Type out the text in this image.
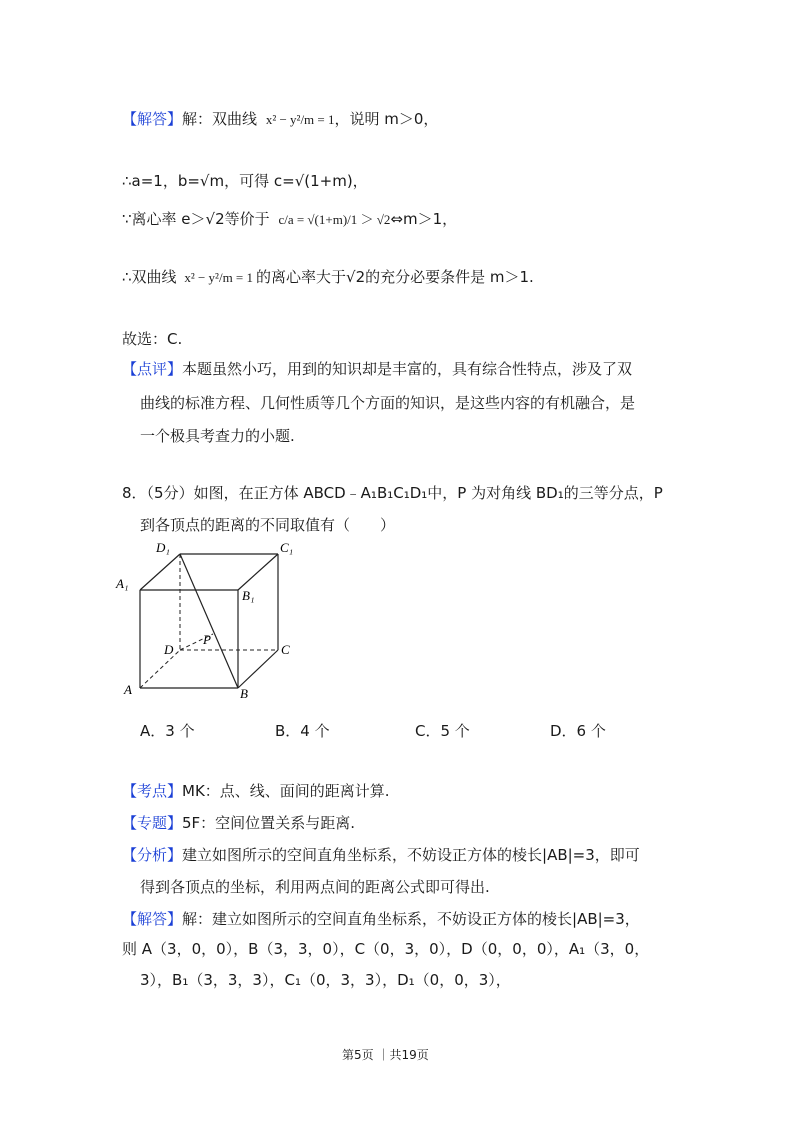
【解答】解：双曲线 x² − y²/m = 1，说明 m＞0，
∴a=1，b=√m，可得 c=√(1+m)，
∵离心率 e＞√2等价于 c/a = √(1+m)/1 ＞ √2⇔m＞1，
∴双曲线 x² − y²/m = 1 的离心率大于√2的充分必要条件是 m＞1.
故选：C.
【点评】本题虽然小巧，用到的知识却是丰富的，具有综合性特点，涉及了双
曲线的标准方程、几何性质等几个方面的知识，是这些内容的有机融合，是
一个极具考查力的小题.
8．（5分）如图，在正方体 ABCD﹣A₁B₁C₁D₁中，P 为对角线 BD₁的三等分点，P
到各顶点的距离的不同取值有（　　）
D₁	C₁
A₁
B₁
D	C
P
A	B
A．3 个	B．4 个	C．5 个	D．6 个
【考点】MK：点、线、面间的距离计算.
【专题】5F：空间位置关系与距离.
【分析】建立如图所示的空间直角坐标系，不妨设正方体的棱长|AB|=3，即可
得到各顶点的坐标，利用两点间的距离公式即可得出.
【解答】解：建立如图所示的空间直角坐标系，不妨设正方体的棱长|AB|=3，
则 A（3，0，0），B（3，3，0），C（0，3，0），D（0，0，0），A₁（3，0，
3），B₁（3，3，3），C₁（0，3，3），D₁（0，0，3），
第5页 ｜共19页
